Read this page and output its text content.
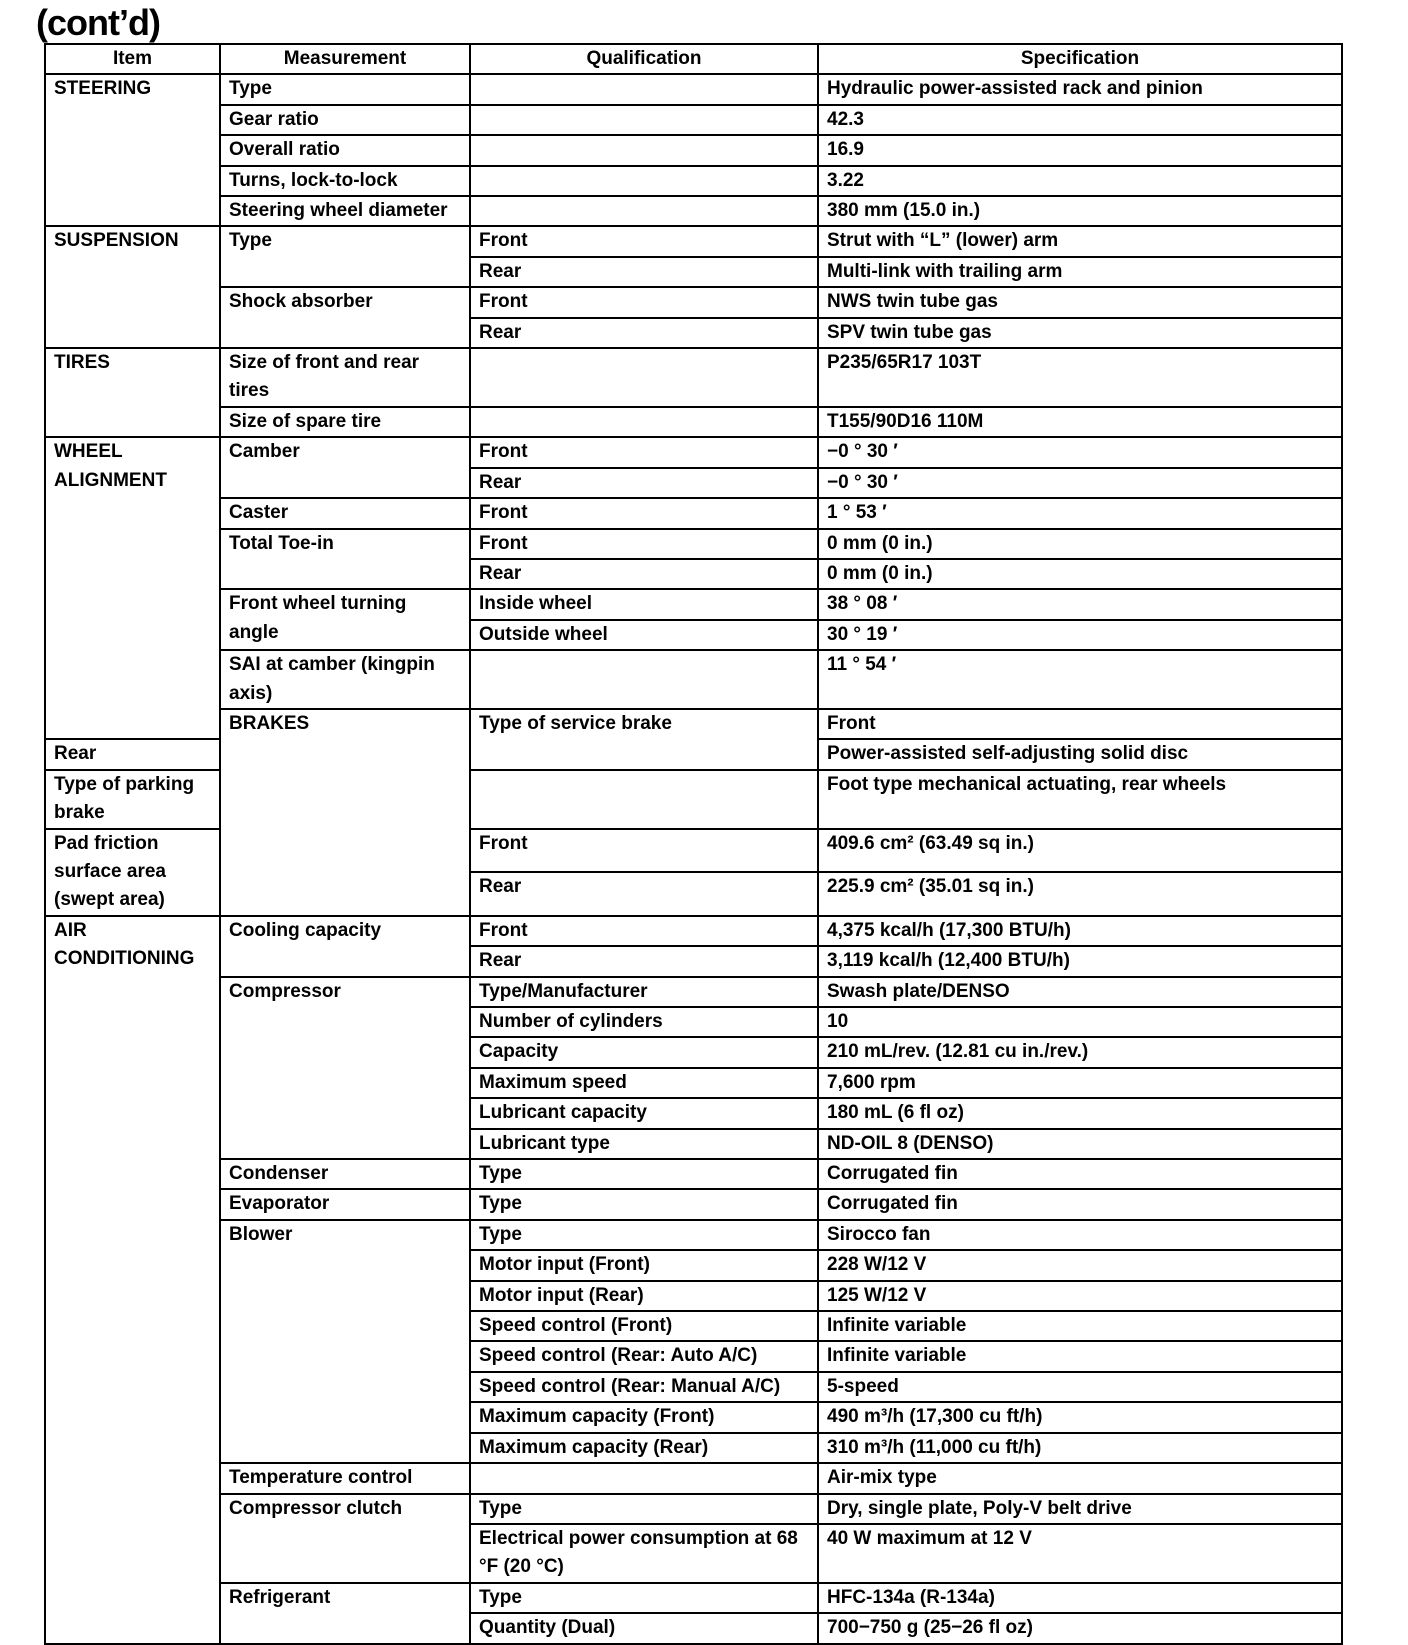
(cont’d)
Item	Measurement	Qualification	Specification	
STEERING	Type		Hydraulic power-assisted rack and pinion	
	Gear ratio		42.3	
	Overall ratio		16.9	
	Turns, lock-to-lock		3.22	
	Steering wheel diameter		380 mm (15.0 in.)	
SUSPENSION	Type	Front	Strut with “L” (lower) arm	
		Rear	Multi-link with trailing arm	
	Shock absorber	Front	NWS twin tube gas	
		Rear	SPV twin tube gas	
TIRES	Size of front and rear tires		P235/65R17 103T	
	Size of spare tire		T155/90D16 110M	
WHEEL ALIGNMENT	Camber	Front	−0 ° 30 ′	
		Rear	−0 ° 30 ′	
	Caster	Front	1 ° 53 ′	
	Total Toe-in	Front	0 mm (0 in.)	
		Rear	0 mm (0 in.)	
	Front wheel turning angle	Inside wheel	38 ° 08 ′	
		Outside wheel	30 ° 19 ′	
	SAI at camber (kingpin axis)		11 ° 54 ′	
	BRAKES	Type of service brake	Front	
Rear			Power-assisted self-adjusting solid disc	
Type of parking brake			Foot type mechanical actuating, rear wheels	
Pad friction surface area (swept area)		Front	409.6 cm² (63.49 sq in.)	
		Rear	225.9 cm² (35.01 sq in.)	
AIR CONDITIONING	Cooling capacity	Front	4,375 kcal/h (17,300 BTU/h)	
		Rear	3,119 kcal/h (12,400 BTU/h)	
	Compressor	Type/Manufacturer	Swash plate/DENSO	
		Number of cylinders	10	
		Capacity	210 mL/rev. (12.81 cu in./rev.)	
		Maximum speed	7,600 rpm	
		Lubricant capacity	180 mL (6 fl oz)	
		Lubricant type	ND-OIL 8 (DENSO)	
	Condenser	Type	Corrugated fin	
	Evaporator	Type	Corrugated fin	
	Blower	Type	Sirocco fan	
		Motor input (Front)	228 W/12 V	
		Motor input (Rear)	125 W/12 V	
		Speed control (Front)	Infinite variable	
		Speed control (Rear: Auto A/C)	Infinite variable	
		Speed control (Rear: Manual A/C)	5-speed	
		Maximum capacity (Front)	490 m³/h (17,300 cu ft/h)	
		Maximum capacity (Rear)	310 m³/h (11,000 cu ft/h)	
	Temperature control		Air-mix type	
	Compressor clutch	Type	Dry, single plate, Poly-V belt drive	
		Electrical power consumption at 68 °F (20 °C)	40 W maximum at 12 V	
	Refrigerant	Type	HFC-134a (R-134a)	
		Quantity (Dual)	700−750 g (25−26 fl oz)	
